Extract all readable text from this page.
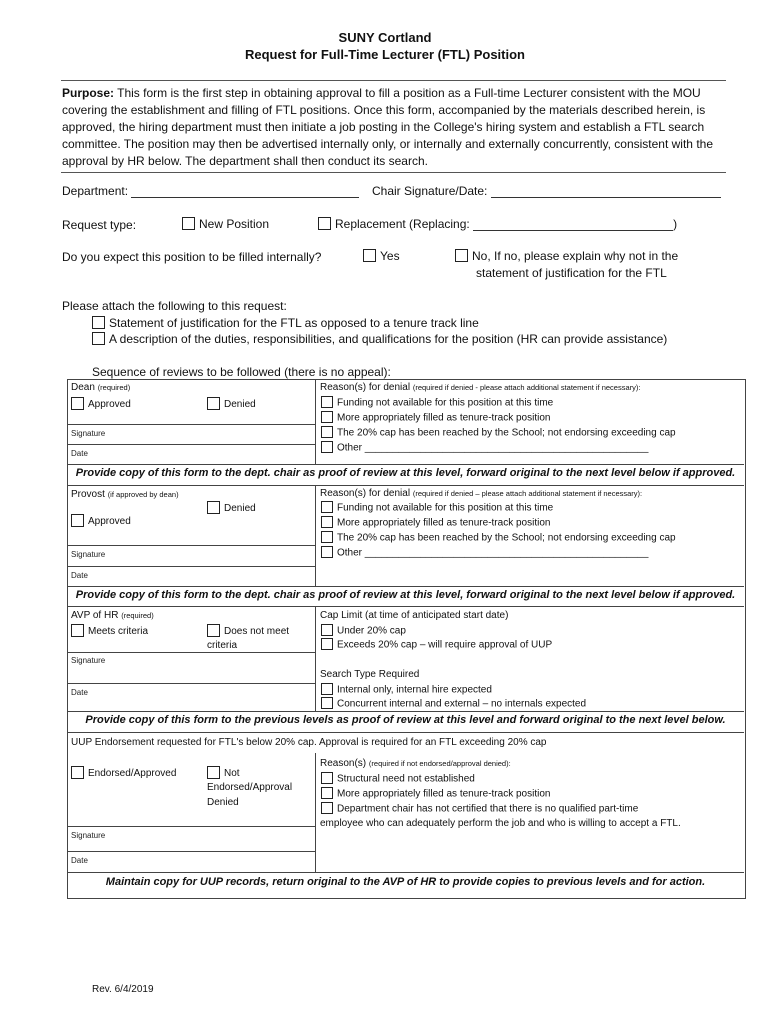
SUNY Cortland
Request for Full-Time Lecturer (FTL) Position
Purpose: This form is the first step in obtaining approval to fill a position as a Full-time Lecturer consistent with the MOU covering the establishment and filling of FTL positions. Once this form, accompanied by the materials described herein, is approved, the hiring department must then initiate a job posting in the College's hiring system and establish a FTL search committee. The position may then be advertised internally only, or internally and externally concurrently, consistent with the approval by HR below. The department shall then conduct its search.
Department:	Chair Signature/Date:
Request type:	New Position	Replacement (Replacing:	)
Do you expect this position to be filled internally?	Yes	No, If no, please explain why not in the
statement of justification for the FTL
Please attach the following to this request:
Statement of justification for the FTL as opposed to a tenure track line
A description of the duties, responsibilities, and qualifications for the position (HR can provide assistance)
Sequence of reviews to be followed (there is no appeal):
Dean (required)
Approved	Denied
Signature
Date
Reason(s) for denial (required if denied - please attach additional statement if necessary):
Funding not available for this position at this time
More appropriately filled as tenure-track position
The 20% cap has been reached by the School; not endorsing exceeding cap
Other ___________________________________________________
Provide copy of this form to the dept. chair as proof of review at this level, forward original to the next level below if approved.
Provost (if approved by dean)
Approved
Denied
Signature
Date
Reason(s) for denial (required if denied – please attach additional statement if necessary):
Funding not available for this position at this time
More appropriately filled as tenure-track position
The 20% cap has been reached by the School; not endorsing exceeding cap
Other ___________________________________________________
Provide copy of this form to the dept. chair as proof of review at this level, forward original to the next level below if approved.
AVP of HR (required)
Meets criteria	Does not meet
criteria
Signature
Date
Cap Limit (at time of anticipated start date)
Under 20% cap
Exceeds 20% cap – will require approval of UUP
Search Type Required
Internal only, internal hire expected
Concurrent internal and external – no internals expected
Provide copy of this form to the previous levels as proof of review at this level and forward original to the next level below.
UUP Endorsement requested for FTL's below 20% cap. Approval is required for an FTL exceeding 20% cap
Endorsed/Approved	Not
Endorsed/Approval
Denied
Signature
Date
Reason(s) (required if not endorsed/approval denied):
Structural need not established
More appropriately filled as tenure-track position
Department chair has not certified that there is no qualified part-time
employee who can adequately perform the job and who is willing to accept a FTL.
Maintain copy for UUP records, return original to the AVP of HR to provide copies to previous levels and for action.
Rev. 6/4/2019
